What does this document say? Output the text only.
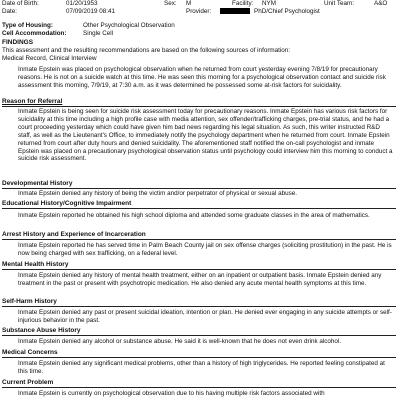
Date of Birth:	01/20/1953	Sex: M	Facility: NYM	Unit Team:	A&O
Date:	07/09/2019 08:41	Provider:	PhD/Chief Psychologist
Type of Housing:	Other Psychological Observation
Cell Accommodation:	Single Cell
FINDINGS
This assessment and the resulting recommendations are based on the following sources of information:
Medical Record, Clinical Interview
Inmate Epstein was placed on psychological observation when he returned from court yesterday evening 7/8/19 for precautionary reasons. He is not on a suicide watch at this time. He was seen this morning for a psychological observation contact and suicide risk assessment this morning, 7/9/19, at 7:30 a.m. as it was determined he possessed some at-risk factors for suicidality.
Reason for Referral
Inmate Epstein is being seen for suicide risk assessment today for precautionary reasons. Inmate Epstein has various risk factors for suicidality at this time including a high profile case with media attention, sex offender/trafficking charges, pre-trial status, and he had a court proceeding yesterday which could have given him bad news regarding his legal situation. As such, this writer instructed R&D staff, as well as the Lieutenant's Office, to immediately notify the psychology department when he returned from court. Inmate Epstein returned from court after duty hours and denied suicidality. The aforementioned staff notified the on-call psychologist and inmate Epstein was placed on a precautionary psychological observation status until psychology could interview him this morning to conduct a suicide risk assessment.
Developmental History
Inmate Epstein denied any history of being the victim and/or perpetrator of physical or sexual abuse.
Educational History/Cognitive Impairment
Inmate Epstein reported he obtained his high school diploma and attended some graduate classes in the area of mathematics.
Arrest History and Experience of Incarceration
Inmate Epstein reported he has served time in Palm Beach County jail on sex offense charges (soliciting prostitution) in the past. He is now being charged with sex trafficking, on a federal level.
Mental Health History
Inmate Epstein denied any history of mental health treatment, either on an inpatient or outpatient basis. Inmate Epstein denied any treatment in the past or present with psychotropic medication. He also denied any acute mental health symptoms at this time.
Self-Harm History
Inmate Epstein denied any past or present suicidal ideation, intention or plan. He denied ever engaging in any suicide attempts or self-injurious behavior in the past.
Substance Abuse History
Inmate Epstein denied any alcohol or substance abuse. He said it is well-known that he does not even drink alcohol.
Medical Concerns
Inmate Epstein denied any significant medical problems, other than a history of high triglycerides. He reported feeling constipated at this time.
Current Problem
Inmate Epstein is currently on psychological observation due to his having multiple risk factors associated with
